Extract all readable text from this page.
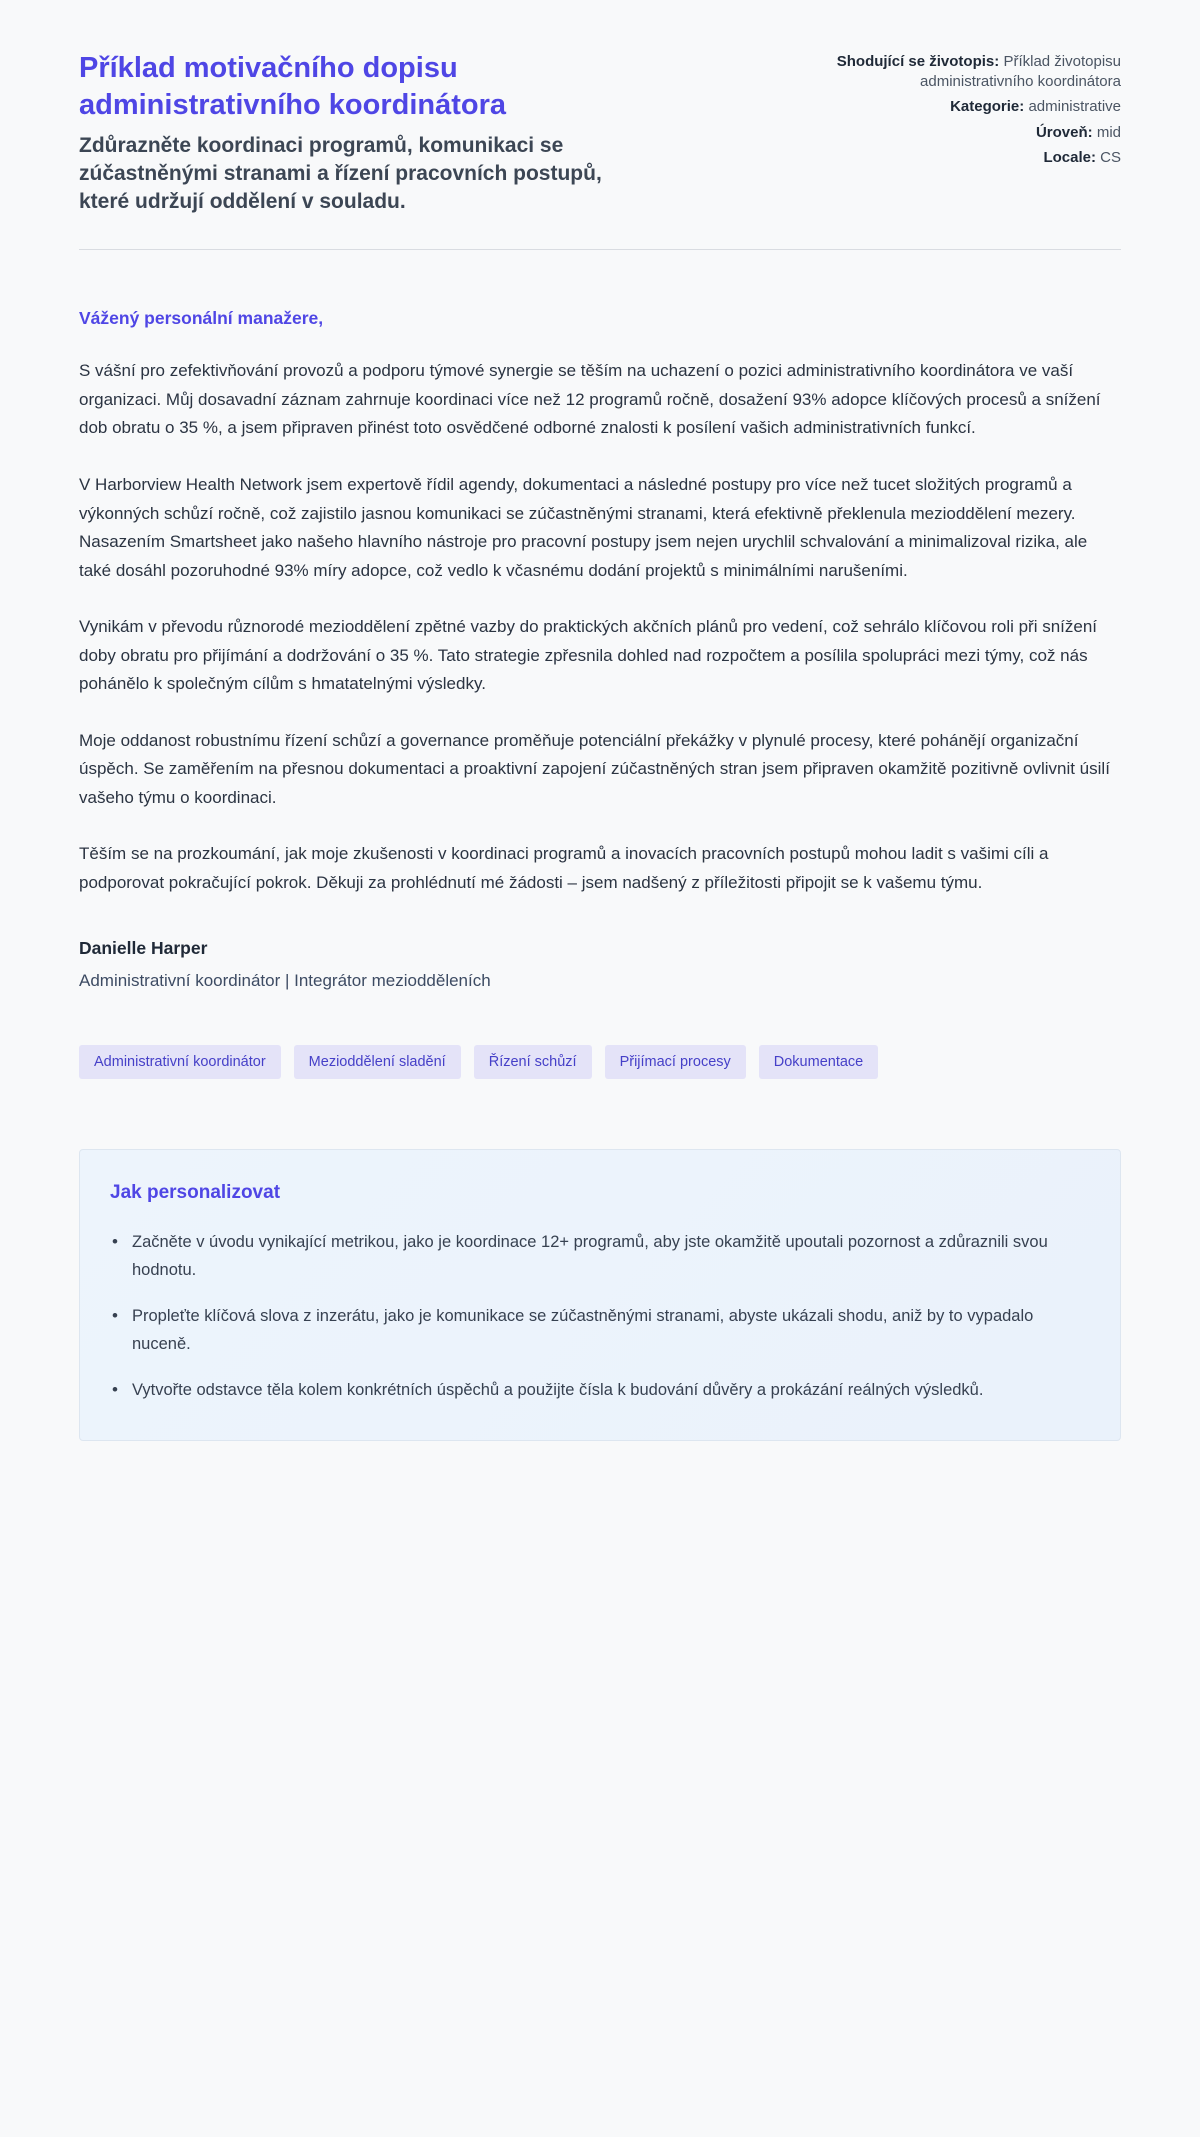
Příklad motivačního dopisu administrativního koordinátora
Zdůrazněte koordinaci programů, komunikaci se zúčastněnými stranami a řízení pracovních postupů, které udržují oddělení v souladu.
Shodující se životopis: Příklad životopisu administrativního koordinátora
Kategorie: administrative
Úroveň: mid
Locale: CS
Vážený personální manažere,

S vášní pro zefektivňování provozů a podporu týmové synergie se těším na uchazení o pozici administrativního koordinátora ve vaší organizaci. Můj dosavadní záznam zahrnuje koordinaci více než 12 programů ročně, dosažení 93% adopce klíčových procesů a snížení dob obratu o 35 %, a jsem připraven přinést toto osvědčené odborné znalosti k posílení vašich administrativních funkcí.

V Harborview Health Network jsem expertově řídil agendy, dokumentaci a následné postupy pro více než tucet složitých programů a výkonných schůzí ročně, což zajistilo jasnou komunikaci se zúčastněnými stranami, která efektivně překlenula mezioddělení mezery. Nasazením Smartsheet jako našeho hlavního nástroje pro pracovní postupy jsem nejen urychlil schvalování a minimalizoval rizika, ale také dosáhl pozoruhodné 93% míry adopce, což vedlo k včasnému dodání projektů s minimálními narušeními.

Vynikám v převodu různorodé mezioddělení zpětné vazby do praktických akčních plánů pro vedení, což sehrálo klíčovou roli při snížení doby obratu pro přijímání a dodržování o 35 %. Tato strategie zpřesnila dohled nad rozpočtem a posílila spolupráci mezi týmy, což nás pohánělo k společným cílům s hmatatelnými výsledky.

Moje oddanost robustnímu řízení schůzí a governance proměňuje potenciální překážky v plynulé procesy, které pohánějí organizační úspěch. Se zaměřením na přesnou dokumentaci a proaktivní zapojení zúčastněných stran jsem připraven okamžitě pozitivně ovlivnit úsilí vašeho týmu o koordinaci.

Těším se na prozkoumání, jak moje zkušenosti v koordinaci programů a inovacích pracovních postupů mohou ladit s vašimi cíli a podporovat pokračující pokrok. Děkuji za prohlédnutí mé žádosti – jsem nadšený z příležitosti připojit se k vašemu týmu.

Danielle Harper
Administrativní koordinátor | Integrátor meziodděleních
Administrativní koordinátor	Mezioddělení sladění	Řízení schůzí	Přijímací procesy	Dokumentace
Jak personalizovat
• Začněte v úvodu vynikající metrikou, jako je koordinace 12+ programů, aby jste okamžitě upoutali pozornost a zdůraznili svou hodnotu.
• Propleťte klíčová slova z inzerátu, jako je komunikace se zúčastněnými stranami, abyste ukázali shodu, aniž by to vypadalo nuceně.
• Vytvořte odstavce těla kolem konkrétních úspěchů a použijte čísla k budování důvěry a prokázání reálných výsledků.
